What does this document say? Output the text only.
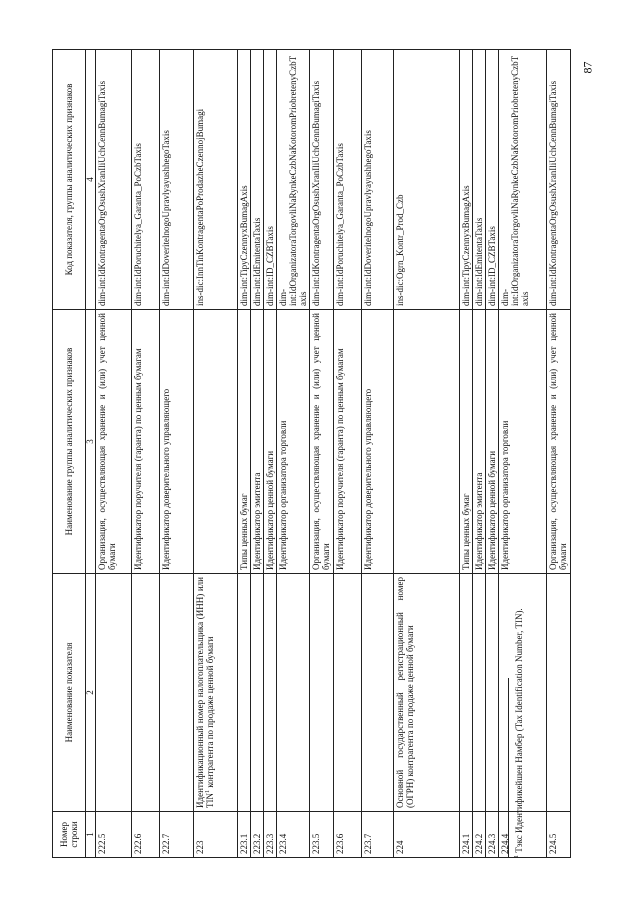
87
Номер строки	Наименование показателя	Наименование группы аналитических признаков	Код показателя, группы аналитических признаков
1	2	3	4
222.5		Организация, осуществляющая хранение и (или) учет ценной бумаги	dim-int:IdKontragentaOrgOsushXranIliUchCennBumagiTaxis
222.6		Идентификатор поручителя (гаранта) по ценным бумагам	dim-int:IdPoruchitelya_Garanta_PoCzbTaxis
222.7		Идентификатор доверительного управляющего	dim-int:IdDoveritelnogoUpravlyayushhegoTaxis
223	Идентификационный номер налогоплательщика (ИНН) или TIN$^1$ контрагента по продаже ценной бумаги		ins-dic:InnTinKontragentaPoProdazheCzennojBumagi
223.1		Типы ценных бумаг	dim-int:TipyCzennyxBumagAxis
223.2		Идентификатор эмитента	dim-int:IdEmitentaTaxis
223.3		Идентификатор ценной бумаги	dim-int:ID_CZBTaxis
223.4		Идентификатор организатора торговли	dim-int:IdOrganizatoraTorgovliNaRynkeCzbNaKotoromPriobretenyCzbTaxis
223.5		Организация, осуществляющая хранение и (или) учет ценной бумаги	dim-int:IdKontragentaOrgOsushXranIliUchCennBumagiTaxis
223.6		Идентификатор поручителя (гаранта) по ценным бумагам	dim-int:IdPoruchitelya_Garanta_PoCzbTaxis
223.7		Идентификатор доверительного управляющего	dim-int:IdDoveritelnogoUpravlyayushhegoTaxis
224	Основной государственный регистрационный номер (ОГРН) контрагента по продаже ценной бумаги		ins-dic:Ogrn_Kontr_Prod_Czb
224.1		Типы ценных бумаг	dim-int:TipyCzennyxBumagAxis
224.2		Идентификатор эмитента	dim-int:IdEmitentaTaxis
224.3		Идентификатор ценной бумаги	dim-int:ID_CZBTaxis
224.4		Идентификатор организатора торговли	dim-int:IdOrganizatoraTorgovliNaRynkeCzbNaKotoromPriobretenyCzbTaxis
224.5		Организация, осуществляющая хранение и (или) учет ценной бумаги	dim-int:IdKontragentaOrgOsushXranIliUchCennBumagiTaxis
$^1$ Тэкс Идентификейшен Намбер (Tax Identification Number, TIN).
